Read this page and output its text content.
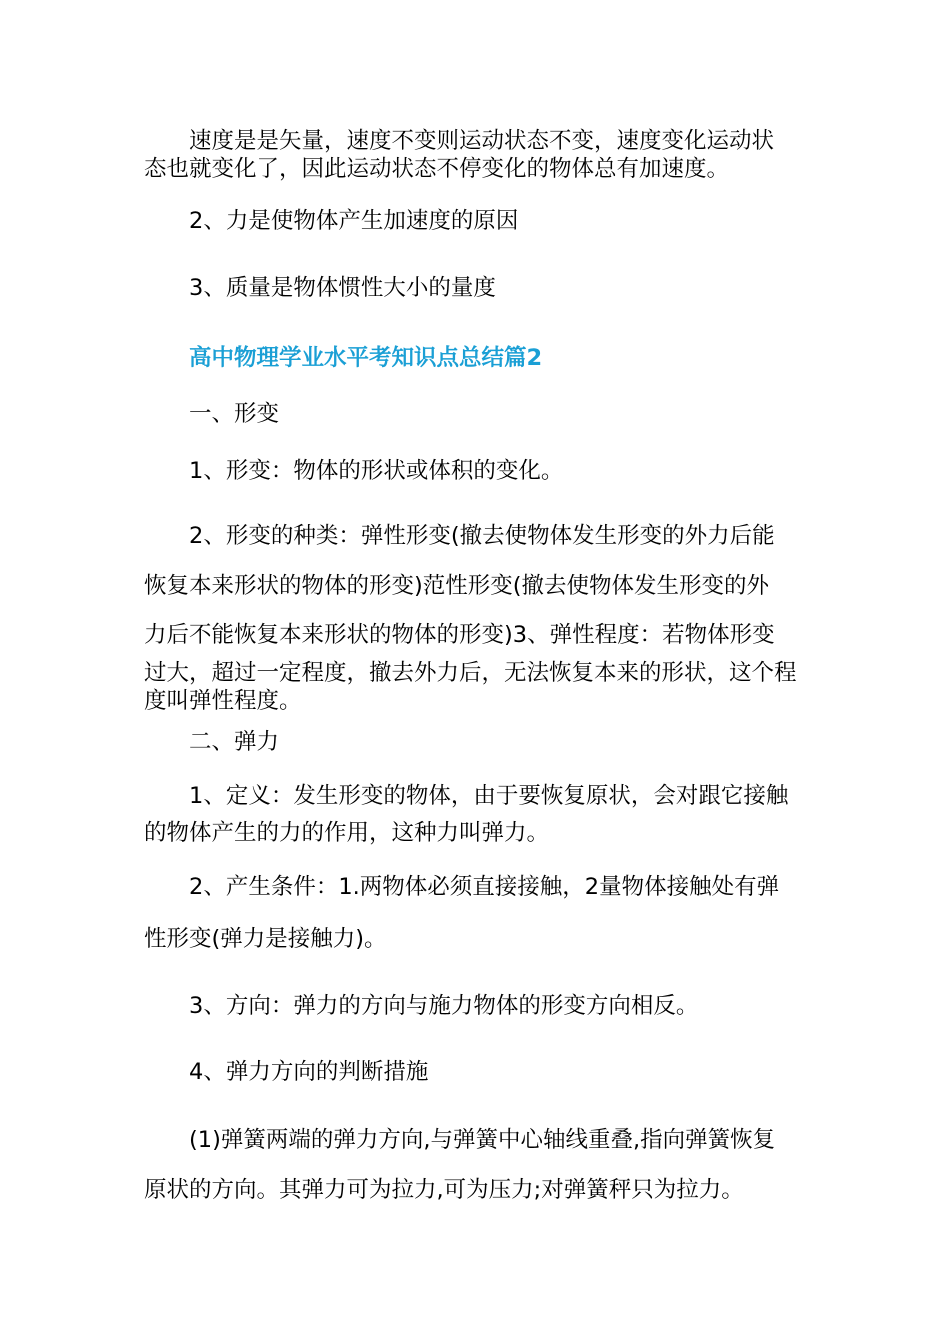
　　速度是是矢量，速度不变则运动状态不变，速度变化运动状

态也就变化了，因此运动状态不停变化的物体总有加速度。

　　2、力是使物体产生加速度的原因

　　3、质量是物体惯性大小的量度

　　高中物理学业水平考知识点总结篇2

　　一、形变

　　1、形变：物体的形状或体积的变化。

　　2、形变的种类：弹性形变(撤去使物体发生形变的外力后能

恢复本来形状的物体的形变)范性形变(撤去使物体发生形变的外

力后不能恢复本来形状的物体的形变)3、弹性程度：若物体形变

过大，超过一定程度，撤去外力后，无法恢复本来的形状，这个程

度叫弹性程度。

　　二、弹力

　　1、定义：发生形变的物体，由于要恢复原状，会对跟它接触

的物体产生的力的作用，这种力叫弹力。

　　2、产生条件：1.两物体必须直接接触，2量物体接触处有弹

性形变(弹力是接触力)。

　　3、方向：弹力的方向与施力物体的形变方向相反。

　　4、弹力方向的判断措施

　　(1)弹簧两端的弹力方向,与弹簧中心轴线重叠,指向弹簧恢复

原状的方向。其弹力可为拉力,可为压力;对弹簧秤只为拉力。
